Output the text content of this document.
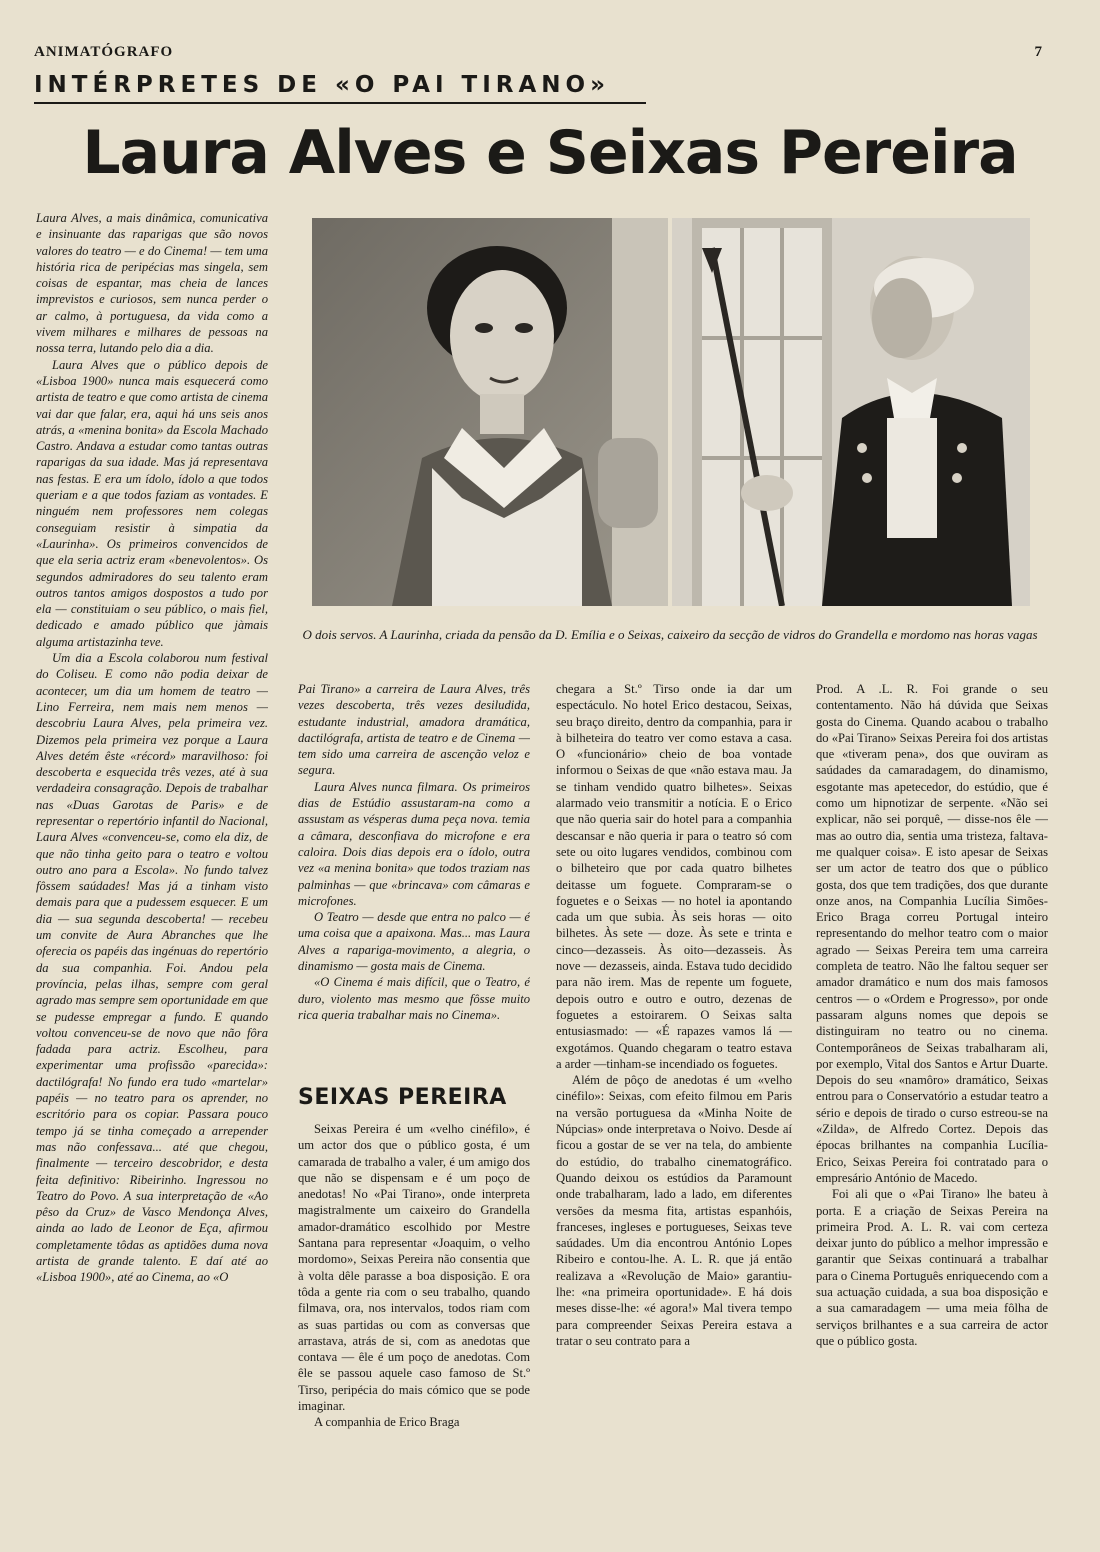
ANIMATÓGRAFO	7
INTÉRPRETES DE «O PAI TIRANO»
Laura Alves e Seixas Pereira

Laura Alves, a mais dinâmica, comunicativa e insinuante das raparigas que são novos valores do teatro — e do Cinema! — tem uma história rica de peripécias mas singela, sem coisas de espantar, mas cheia de lances imprevistos e curiosos, sem nunca perder o ar calmo, à portuguesa, da vida como a vivem milhares e milhares de pessoas na nossa terra, lutando pelo dia a dia.

Laura Alves que o público depois de «Lisboa 1900» nunca mais esquecerá como artista de teatro e que como artista de cinema vai dar que falar, era, aqui há uns seis anos atrás, a «menina bonita» da Escola Machado Castro. Andava a estudar como tantas outras raparigas da sua idade. Mas já representava nas festas. E era um ídolo, ídolo a que todos queriam e a que todos faziam as vontades. E ninguém nem professores nem colegas conseguiam resistir à simpatia da «Laurinha». Os primeiros convencidos de que ela seria actriz eram «benevolentos». Os segundos admiradores do seu talento eram outros tantos amigos dospostos a tudo por ela — constituiam o seu público, o mais fiel, dedicado e amado público que jàmais alguma artistazinha teve.

Um dia a Escola colaborou num festival do Coliseu. E como não podia deixar de acontecer, um dia um homem de teatro — Lino Ferreira, nem mais nem menos — descobriu Laura Alves, pela primeira vez. Dizemos pela primeira vez porque a Laura Alves detém êste «récord» maravilhoso: foi descoberta e esquecida três vezes, até à sua verdadeira consagração. Depois de trabalhar nas «Duas Garotas de Paris» e de representar o repertório infantil do Nacional, Laura Alves «convenceu-se, como ela diz, de que não tinha geito para o teatro e voltou outro ano para a Escola». No fundo talvez fôssem saúdades! Mas já a tinham visto demais para que a pudessem esquecer. E um dia — sua segunda descoberta! — recebeu um convite de Aura Abranches que lhe oferecia os papéis das ingénuas do repertório da sua companhia. Foi. Andou pela província, pelas ilhas, sempre com geral agrado mas sempre sem oportunidade em que se pudesse empregar a fundo. E quando voltou convenceu-se de novo que não fôra fadada para actriz. Escolheu, para experimentar uma profissão «parecida»: dactilógrafa! No fundo era tudo «martelar» papéis — no teatro para os aprender, no escritório para os copiar. Passara pouco tempo já se tinha começado a arrepender mas não confessava... até que chegou, finalmente — terceiro descobridor, e desta feita definitivo: Ribeirinho. Ingressou no Teatro do Povo. A sua interpretação de «Ao pêso da Cruz» de Vasco Mendonça Alves, ainda ao lado de Leonor de Eça, afirmou completamente tôdas as aptidões duma nova artista de grande talento. E daí até ao «Lisboa 1900», até ao Cinema, ao «O

O dois servos. A Laurinha, criada da pensão da D. Emília e o Seixas, caixeiro da secção de vidros do Grandella e mordomo nas horas vagas

Pai Tirano» a carreira de Laura Alves, três vezes descoberta, três vezes desiludida, estudante industrial, amadora dramática, dactilógrafa, artista de teatro e de Cinema — tem sido uma carreira de ascenção veloz e segura.

Laura Alves nunca filmara. Os primeiros dias de Estúdio assustaram-na como a assustam as vésperas duma peça nova. temia a câmara, desconfiava do microfone e era caloira. Dois dias depois era o ídolo, outra vez «a menina bonita» que todos traziam nas palminhas — que «brincava» com câmaras e microfones.

O Teatro — desde que entra no palco — é uma coisa que a apaixona. Mas... mas Laura Alves a rapariga-movimento, a alegria, o dinamismo — gosta mais de Cinema.

«O Cinema é mais difícil, que o Teatro, é duro, violento mas mesmo que fôsse muito rica queria trabalhar mais no Cinema».

SEIXAS PEREIRA

Seixas Pereira é um «velho cinéfilo», é um actor dos que o público gosta, é um camarada de trabalho a valer, é um amigo dos que não se dispensam e é um poço de anedotas! No «Pai Tirano», onde interpreta magistralmente um caixeiro do Grandella amador-dramático escolhido por Mestre Santana para representar «Joaquim, o velho mordomo», Seixas Pereira não consentia que à volta dêle parasse a boa disposição. E ora tôda a gente ria com o seu trabalho, quando filmava, ora, nos intervalos, todos riam com as suas partidas ou com as conversas que arrastava, atrás de si, com as anedotas que contava — êle é um poço de anedotas. Com êle se passou aquele caso famoso de St.º Tirso, peripécia do mais cómico que se pode imaginar.

A companhia de Erico Braga

chegara a St.º Tirso onde ia dar um espectáculo. No hotel Erico destacou, Seixas, seu braço direito, dentro da companhia, para ir à bilheteira do teatro ver como estava a casa. O «funcionário» cheio de boa vontade informou o Seixas de que «não estava mau. Ja se tinham vendido quatro bilhetes». Seixas alarmado veio transmitir a notícia. E o Erico que não queria sair do hotel para a companhia descansar e não queria ir para o teatro só com sete ou oito lugares vendidos, combinou com o bilheteiro que por cada quatro bilhetes deitasse um foguete. Compraram-se o foguetes e o Seixas — no hotel ia apontando cada um que subia. Às seis horas — oito bilhetes. Às sete — doze. Às sete e trinta e cinco—dezasseis. Às oito—dezasseis. Às nove — dezasseis, ainda. Estava tudo decidido para não irem. Mas de repente um foguete, depois outro e outro e outro, dezenas de foguetes a estoirarem. O Seixas salta entusiasmado: — «É rapazes vamos lá — exgotámos. Quando chegaram o teatro estava a arder —tinham-se incendiado os foguetes.

Além de pôço de anedotas é um «velho cinéfilo»: Seixas, com efeito filmou em Paris na versão portuguesa da «Minha Noite de Núpcias» onde interpretava o Noivo. Desde aí ficou a gostar de se ver na tela, do ambiente do estúdio, do trabalho cinematográfico. Quando deixou os estúdios da Paramount onde trabalharam, lado a lado, em diferentes versões da mesma fita, artistas espanhóis, franceses, ingleses e portugueses, Seixas teve saúdades. Um dia encontrou António Lopes Ribeiro e contou-lhe. A. L. R. que já então realizava a «Revolução de Maio» garantiu-lhe: «na primeira oportunidade». E há dois meses disse-lhe: «é agora!» Mal tivera tempo para compreender Seixas Pereira estava a tratar o seu contrato para a

Prod. A .L. R. Foi grande o seu contentamento. Não há dúvida que Seixas gosta do Cinema. Quando acabou o trabalho do «Pai Tirano» Seixas Pereira foi dos artistas que «tiveram pena», dos que ouviram as saúdades da camaradagem, do dinamismo, esgotante mas apetecedor, do estúdio, que é como um hipnotizar de serpente. «Não sei explicar, não sei porquê, — disse-nos êle — mas ao outro dia, sentia uma tristeza, faltava-me qualquer coisa». E isto apesar de Seixas ser um actor de teatro dos que o público gosta, dos que tem tradições, dos que durante onze anos, na Companhia Lucília Simões-Erico Braga correu Portugal inteiro representando do melhor teatro com o maior agrado — Seixas Pereira tem uma carreira completa de teatro. Não lhe faltou sequer ser amador dramático e num dos mais famosos centros — o «Ordem e Progresso», por onde passaram alguns nomes que depois se distinguiram no teatro ou no cinema. Contemporâneos de Seixas trabalharam ali, por exemplo, Vital dos Santos e Artur Duarte. Depois do seu «namôro» dramático, Seixas entrou para o Conservatório a estudar teatro a sério e depois de tirado o curso estreou-se na «Zilda», de Alfredo Cortez. Depois das épocas brilhantes na companhia Lucília-Erico, Seixas Pereira foi contratado para o empresário António de Macedo.

Foi ali que o «Pai Tirano» lhe bateu à porta. E a criação de Seixas Pereira na primeira Prod. A. L. R. vai com certeza deixar junto do público a melhor impressão e garantir que Seixas continuará a trabalhar para o Cinema Português enriquecendo com a sua actuação cuidada, a sua boa disposição e a sua camaradagem — uma meia fôlha de serviços brilhantes e a sua carreira de actor que o público gosta.
